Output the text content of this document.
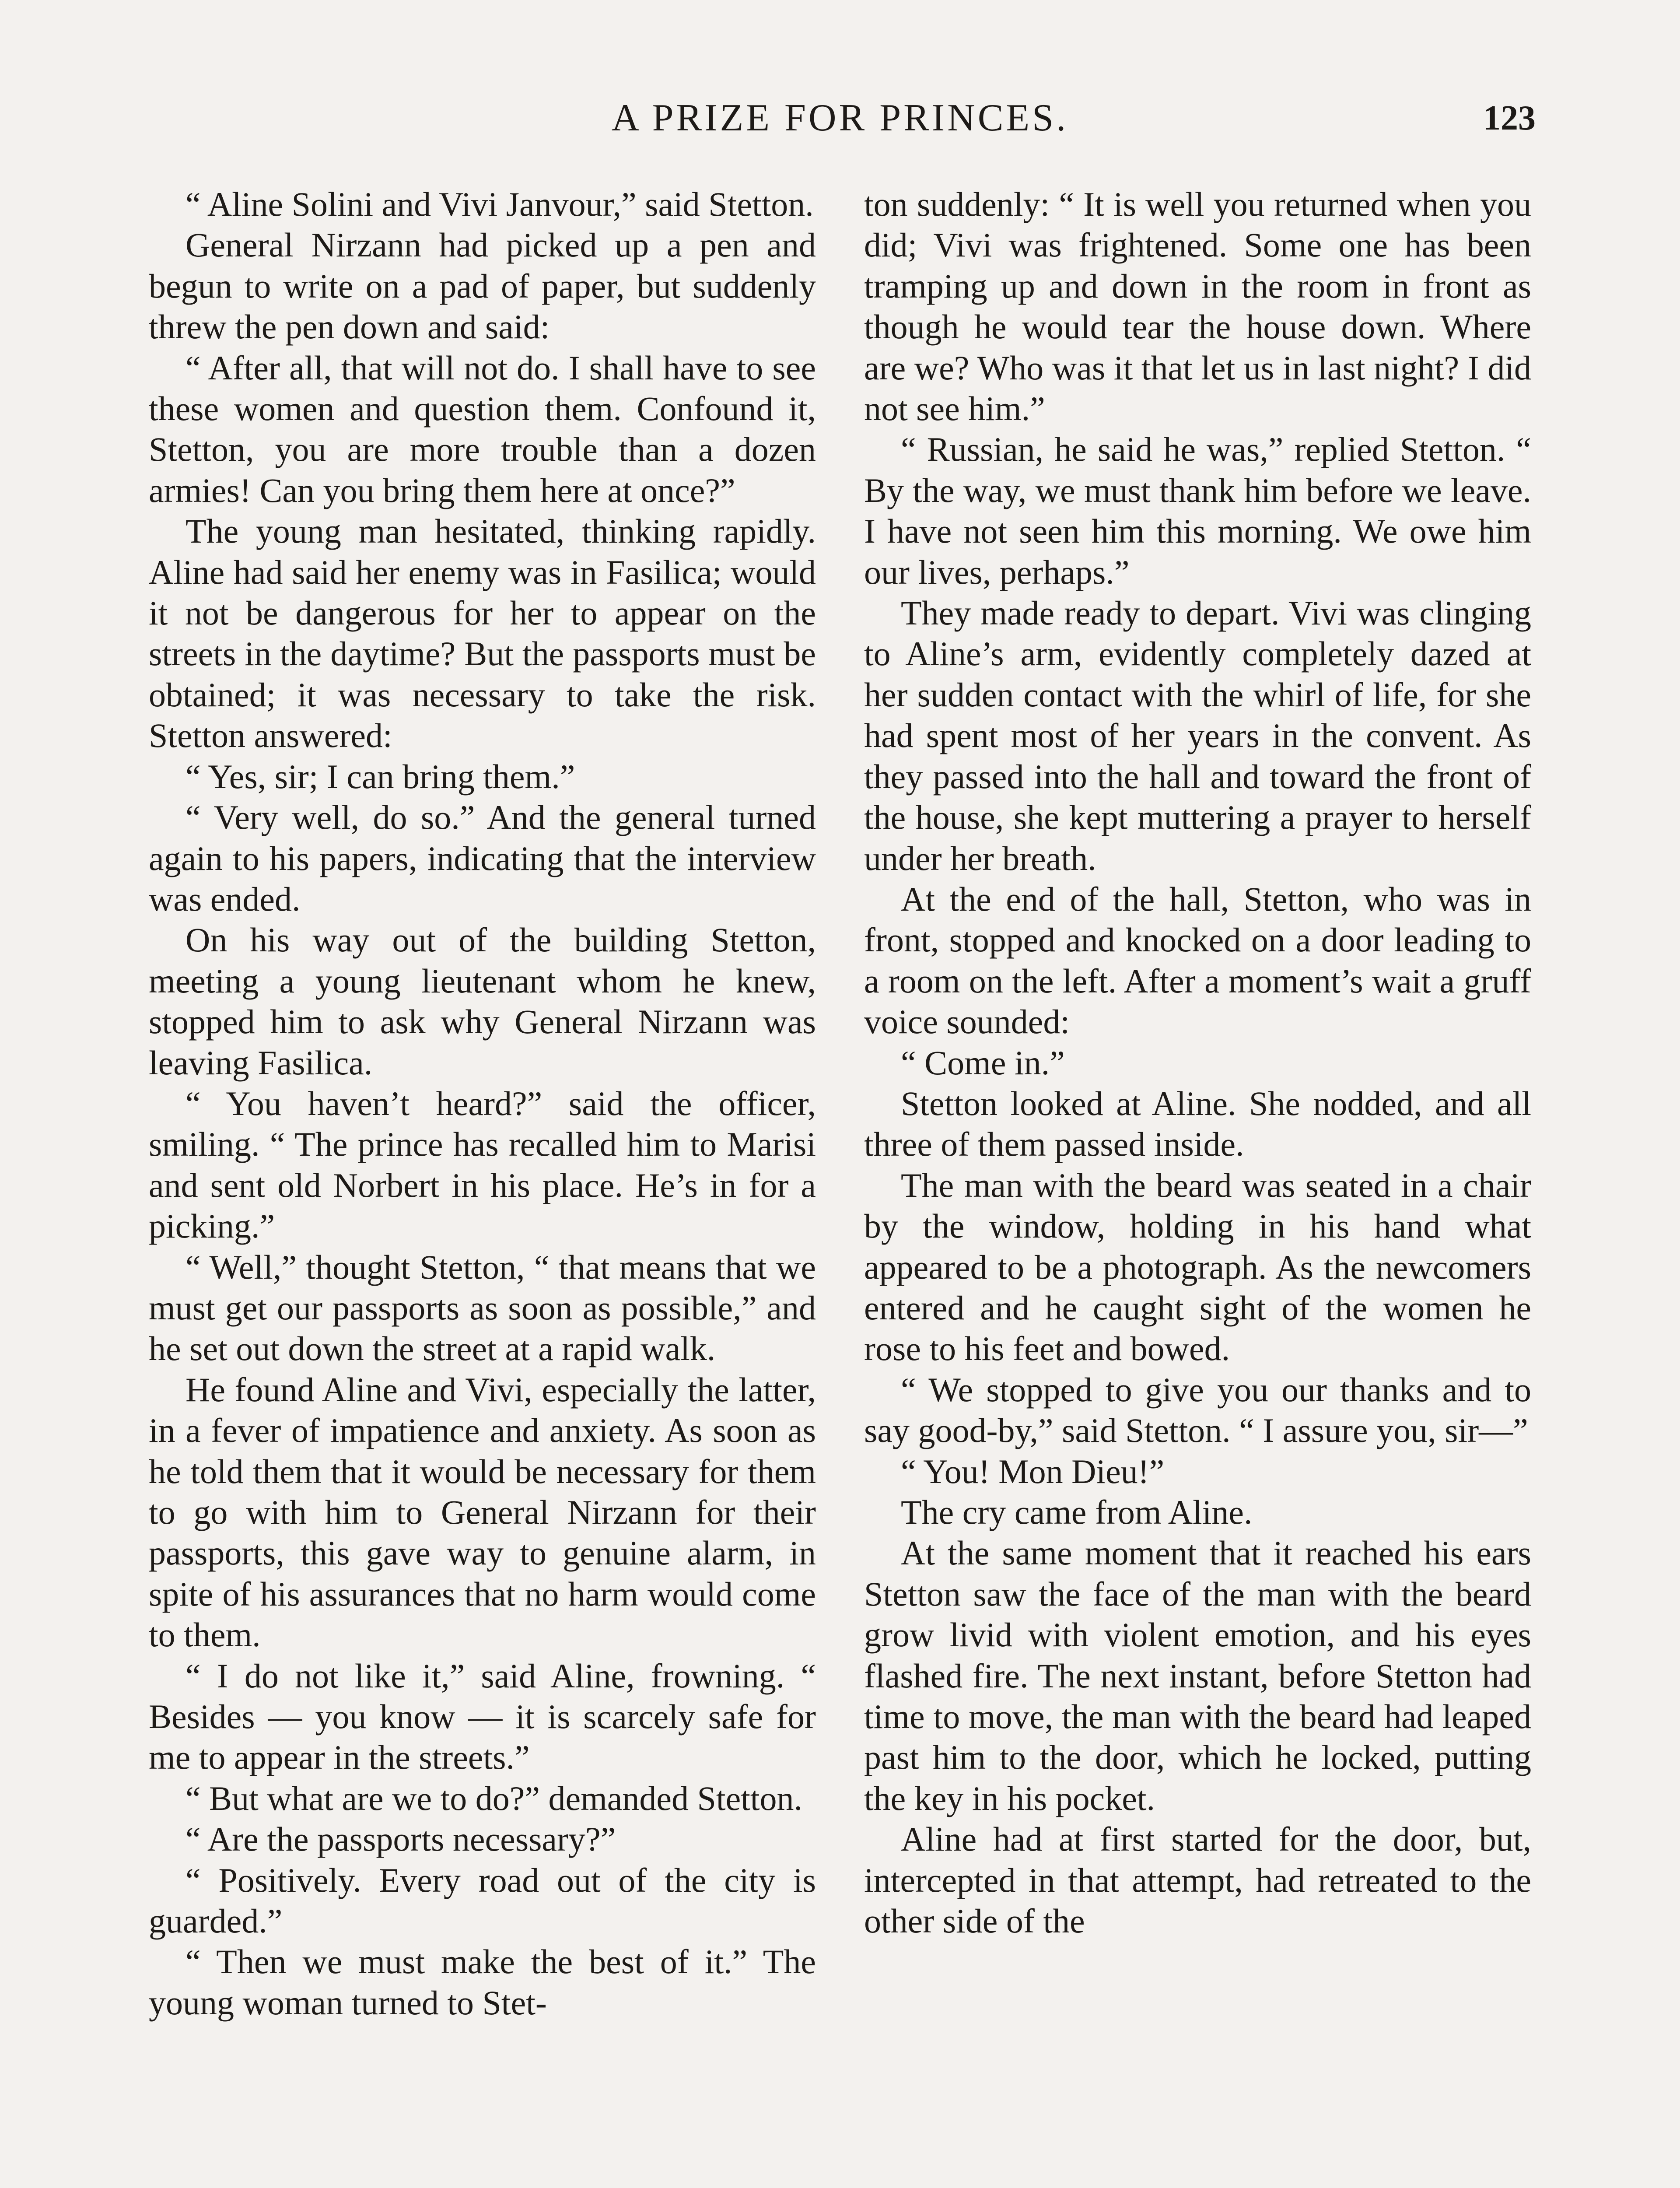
A PRIZE FOR PRINCES.	123

“ Aline Solini and Vivi Janvour,” said Stetton.

General Nirzann had picked up a pen and begun to write on a pad of paper, but suddenly threw the pen down and said:

“ After all, that will not do. I shall have to see these women and question them. Confound it, Stetton, you are more trouble than a dozen armies! Can you bring them here at once?”

The young man hesitated, thinking rapidly. Aline had said her enemy was in Fasilica; would it not be dangerous for her to appear on the streets in the daytime? But the passports must be obtained; it was necessary to take the risk. Stetton answered:

“ Yes, sir; I can bring them.”

“ Very well, do so.” And the general turned again to his papers, indicating that the interview was ended.

On his way out of the building Stetton, meeting a young lieutenant whom he knew, stopped him to ask why General Nirzann was leaving Fasilica.

“ You haven’t heard?” said the officer, smiling. “ The prince has recalled him to Marisi and sent old Norbert in his place. He’s in for a picking.”

“ Well,” thought Stetton, “ that means that we must get our passports as soon as possible,” and he set out down the street at a rapid walk.

He found Aline and Vivi, especially the latter, in a fever of impatience and anxiety. As soon as he told them that it would be necessary for them to go with him to General Nirzann for their passports, this gave way to genuine alarm, in spite of his assurances that no harm would come to them.

“ I do not like it,” said Aline, frowning. “ Besides — you know — it is scarcely safe for me to appear in the streets.”

“ But what are we to do?” demanded Stetton.

“ Are the passports necessary?”

“ Positively. Every road out of the city is guarded.”

“ Then we must make the best of it.” The young woman turned to Stet-

ton suddenly: “ It is well you returned when you did; Vivi was frightened. Some one has been tramping up and down in the room in front as though he would tear the house down. Where are we? Who was it that let us in last night? I did not see him.”

“ Russian, he said he was,” replied Stetton. “ By the way, we must thank him before we leave. I have not seen him this morning. We owe him our lives, perhaps.”

They made ready to depart. Vivi was clinging to Aline’s arm, evidently completely dazed at her sudden contact with the whirl of life, for she had spent most of her years in the convent. As they passed into the hall and toward the front of the house, she kept muttering a prayer to herself under her breath.

At the end of the hall, Stetton, who was in front, stopped and knocked on a door leading to a room on the left. After a moment’s wait a gruff voice sounded:

“ Come in.”

Stetton looked at Aline. She nodded, and all three of them passed inside.

The man with the beard was seated in a chair by the window, holding in his hand what appeared to be a photograph. As the newcomers entered and he caught sight of the women he rose to his feet and bowed.

“ We stopped to give you our thanks and to say good-by,” said Stetton. “ I assure you, sir—”

“ You! Mon Dieu!”

The cry came from Aline.

At the same moment that it reached his ears Stetton saw the face of the man with the beard grow livid with violent emotion, and his eyes flashed fire. The next instant, before Stetton had time to move, the man with the beard had leaped past him to the door, which he locked, putting the key in his pocket.

Aline had at first started for the door, but, intercepted in that attempt, had retreated to the other side of the
